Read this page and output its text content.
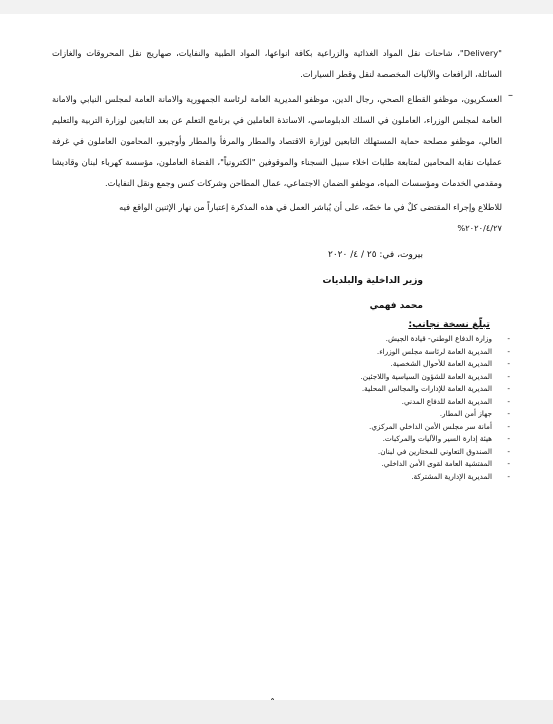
"Delivery"، شاحنات نقل المواد الغذائية والزراعية بكافة انواعها، المواد الطبية والنفايات، صهاريج نقل المحروقات والغازات السائلة، الرافعات والآليات المخصصة لنقل وقطر السيارات.
–
العسكريون، موظفو القطاع الصحي، رجال الدين، موظفو المديرية العامة لرئاسة الجمهورية والامانة العامة لمجلس النيابي والامانة العامة لمجلس الوزراء، العاملون في السلك الدبلوماسي، الاساتذة العاملين في برنامج التعلم عن بعد التابعين لوزارة التربية والتعليم العالي، موظفو مصلحة حماية المستهلك التابعين لوزارة الاقتصاد والمطار والمرفأ والمطار وأوجيرو، المحامون العاملون في غرفة عمليات نقابة المحامين لمتابعة طلبات اخلاء سبيل السجناء والموقوفين "الكترونياً"، القضاة العاملون، مؤسسة كهرباء لبنان وقاديشا ومقدمي الخدمات ومؤسسات المياه، موظفو الضمان الاجتماعي، عمال المطاحن وشركات كنس وجمع ونقل النفايات.
للاطلاع وإجراء المقتضى كلٌ في ما خصّه، على أن يُباشر العمل في هذه المذكرة إعتباراً من نهار الإثنين الواقع فيه
٢٠٢٠/٤/٢٧%
بيروت، في: ٢٥ / ٤/ ٢٠٢٠
وزير الداخلية والبلديات
محمد فهمي
تبلّغ نسخة نجانب:
- وزارة الدفاع الوطني- قيادة الجيش.
- المديرية العامة لرئاسة مجلس الوزراء.
- المديرية العامة للأحوال الشخصية.
- المديرية العامة للشؤون السياسية واللاجئين.
- المديرية العامة للإدارات والمجالس المحلية.
- المديرية العامة للدفاع المدني.
- جهاز أمن المطار.
- أمانة سر مجلس الأمن الداخلي المركزي.
- هيئة إدارة السير والآليات والمركبات.
- الصندوق التعاوني للمختارين في لبنان.
- المفتشية العامة لقوى الأمن الداخلي.
- المديرية الإدارية المشتركة.
